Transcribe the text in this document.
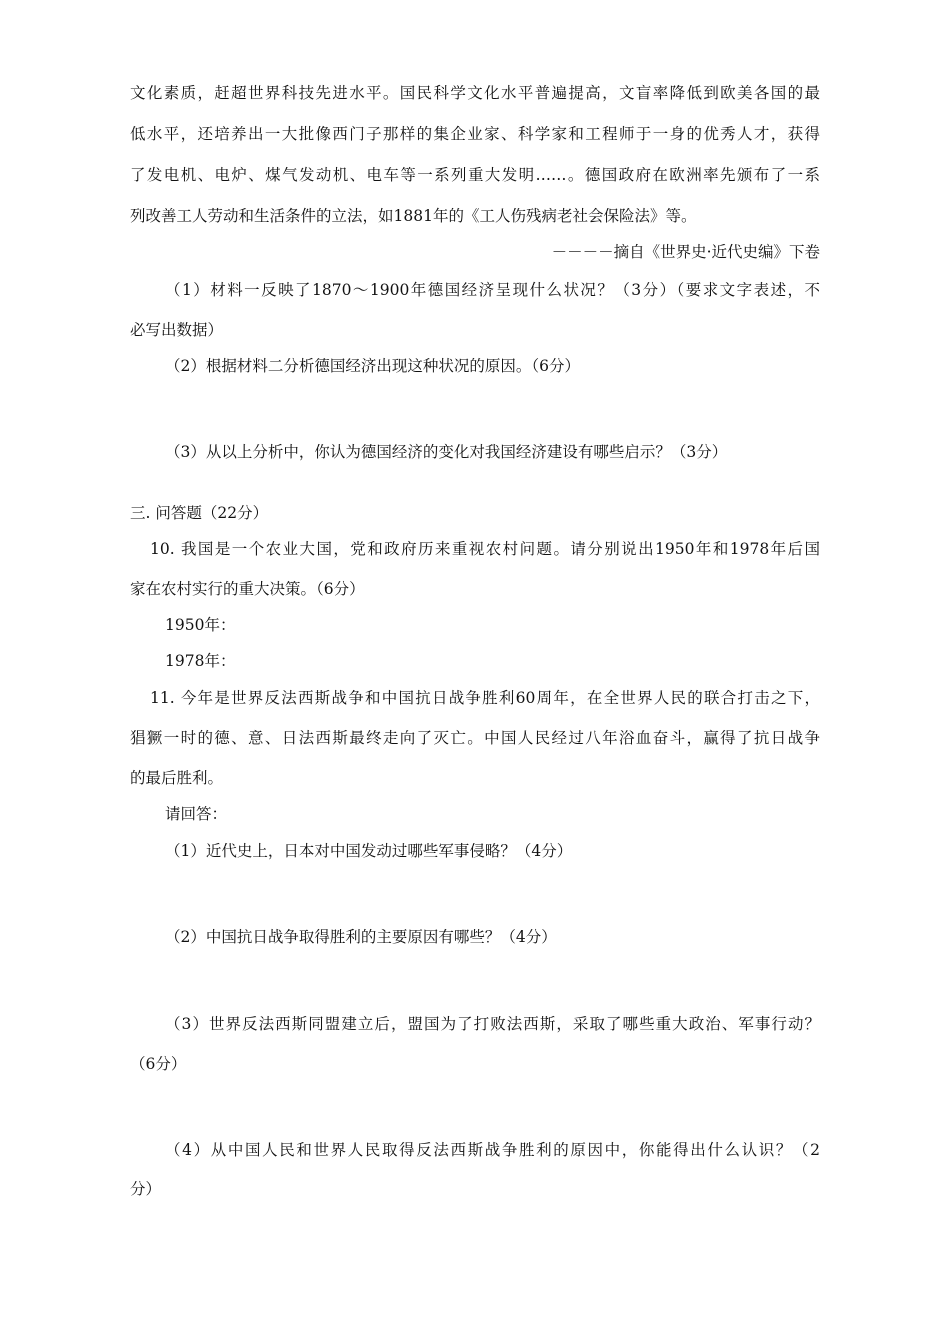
文化素质，赶超世界科技先进水平。国民科学文化水平普遍提高，文盲率降低到欧美各国的最
低水平，还培养出一大批像西门子那样的集企业家、科学家和工程师于一身的优秀人才，获得
了发电机、电炉、煤气发动机、电车等一系列重大发明……。德国政府在欧洲率先颁布了一系
列改善工人劳动和生活条件的立法，如1881年的《工人伤残病老社会保险法》等。
－－－－摘自《世界史·近代史编》下卷
（1）材料一反映了1870～1900年德国经济呈现什么状况？（3分）（要求文字表述，不
必写出数据）
（2）根据材料二分析德国经济出现这种状况的原因。（6分）
（3）从以上分析中，你认为德国经济的变化对我国经济建设有哪些启示？（3分）
三. 问答题（22分）
10. 我国是一个农业大国，党和政府历来重视农村问题。请分别说出1950年和1978年后国
家在农村实行的重大决策。（6分）
1950年：
1978年：
11. 今年是世界反法西斯战争和中国抗日战争胜利60周年，在全世界人民的联合打击之下，
猖獗一时的德、意、日法西斯最终走向了灭亡。中国人民经过八年浴血奋斗，赢得了抗日战争
的最后胜利。
请回答：
（1）近代史上，日本对中国发动过哪些军事侵略？（4分）
（2）中国抗日战争取得胜利的主要原因有哪些？（4分）
（3）世界反法西斯同盟建立后，盟国为了打败法西斯，采取了哪些重大政治、军事行动？
（6分）
（4）从中国人民和世界人民取得反法西斯战争胜利的原因中，你能得出什么认识？（2
分）
